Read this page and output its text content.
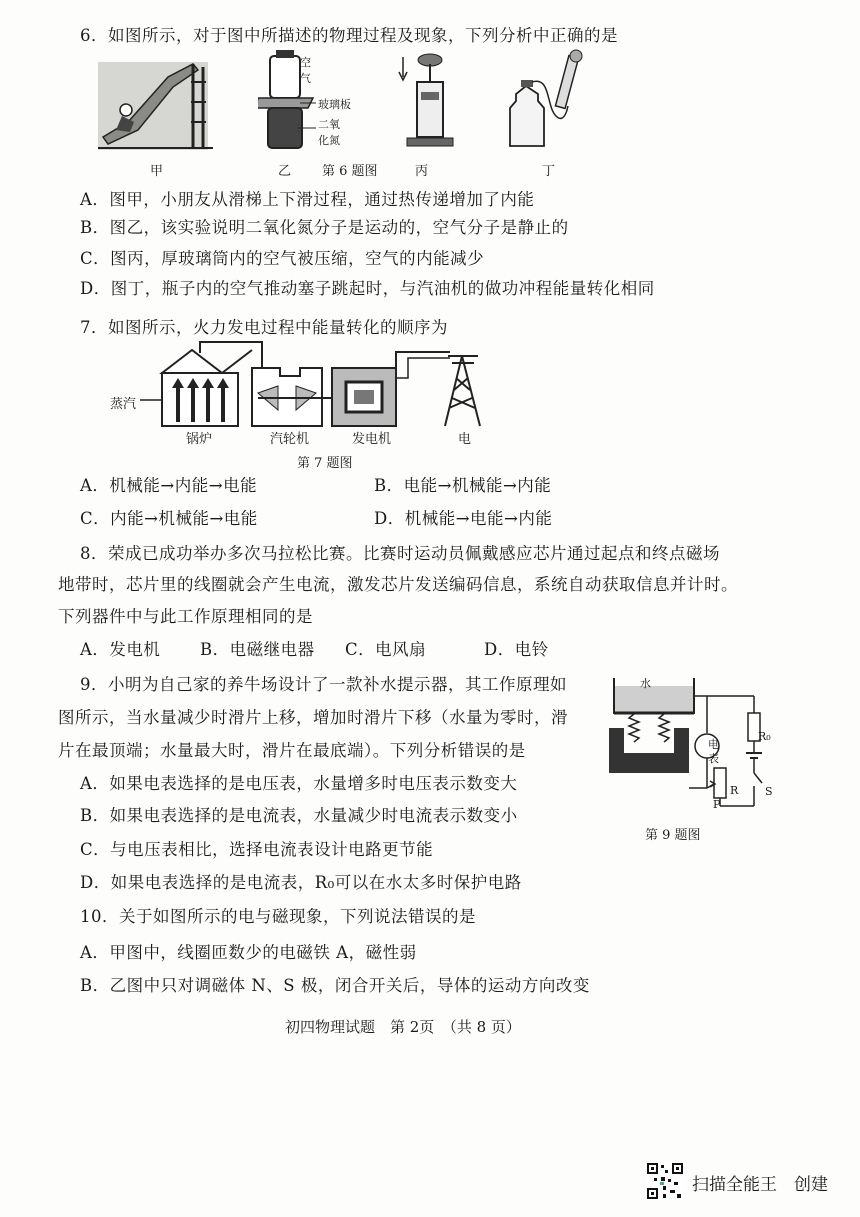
6．如图所示，对于图中所描述的物理过程及现象，下列分析中正确的是
甲
空
气
玻璃板
二氧
化氮
乙 第 6 题图	丙	丁
A．图甲，小朋友从滑梯上下滑过程，通过热传递增加了内能
B．图乙，该实验说明二氧化氮分子是运动的，空气分子是静止的
C．图丙，厚玻璃筒内的空气被压缩，空气的内能减少
D．图丁，瓶子内的空气推动塞子跳起时，与汽油机的做功冲程能量转化相同
7．如图所示，火力发电过程中能量转化的顺序为
蒸汽
锅炉	汽轮机	发电机	电
第 7 题图
A．机械能→内能→电能	B．电能→机械能→内能
C．内能→机械能→电能	D．机械能→电能→内能
8．荣成已成功举办多次马拉松比赛。比赛时运动员佩戴感应芯片通过起点和终点磁场
地带时，芯片里的线圈就会产生电流，激发芯片发送编码信息，系统自动获取信息并计时。
下列器件中与此工作原理相同的是
A．发电机 B．电磁继电器 C．电风扇	D．电铃
9．小明为自己家的养牛场设计了一款补水提示器，其工作原理如
图所示，当水量减少时滑片上移，增加时滑片下移（水量为零时，滑
片在最顶端；水量最大时，滑片在最底端）。下列分析错误的是
A．如果电表选择的是电压表，水量增多时电压表示数变大
B．如果电表选择的是电流表，水量减少时电流表示数变小
C．与电压表相比，选择电流表设计电路更节能
D．如果电表选择的是电流表，R₀可以在水太多时保护电路
水
电
表
R₀
R
P
S
第 9 题图
10．关于如图所示的电与磁现象，下列说法错误的是
A．甲图中，线圈匝数少的电磁铁 A，磁性弱
B．乙图中只对调磁体 N、S 极，闭合开关后，导体的运动方向改变
初四物理试题　第 2页　（共 8 页）
扫描全能王　创建
